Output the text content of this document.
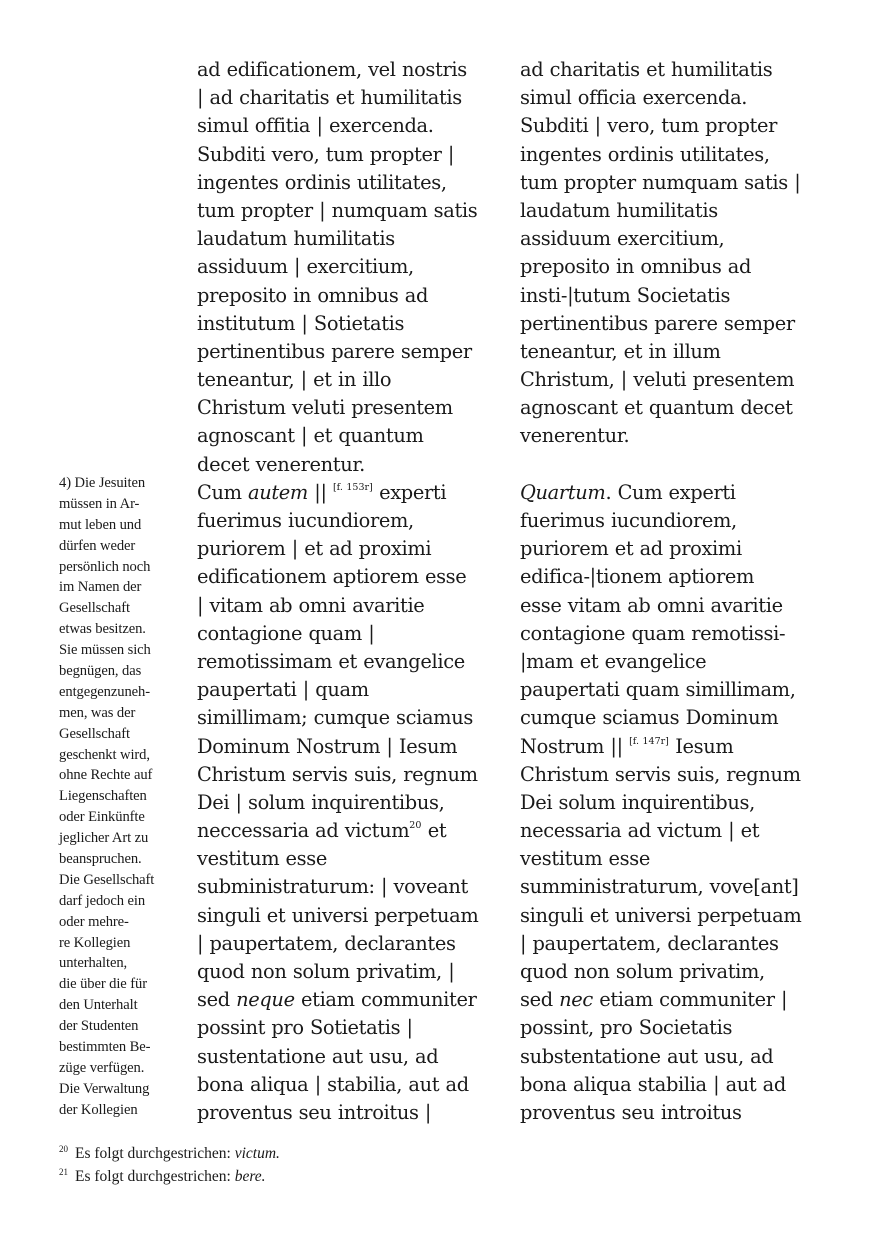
ad edificationem, vel nostris
| ad charitatis et humilitatis
simul offitia | exercenda.
Subditi vero, tum propter |
ingentes ordinis utilitates,
tum propter | numquam satis
laudatum humilitatis
assiduum | exercitium,
preposito in omnibus ad
institutum | Sotietatis
pertinentibus parere semper
teneantur, | et in illo
Christum veluti presentem
agnoscant | et quantum
decet venerentur.
Cum autem || [f. 153r] experti
fuerimus iucundiorem,
puriorem | et ad proximi
edificationem aptiorem esse
| vitam ab omni avaritie
contagione quam |
remotissimam et evangelice
paupertati | quam
simillimam; cumque sciamus
Dominum Nostrum | Iesum
Christum servis suis, regnum
Dei | solum inquirentibus,
neccessaria ad victum$^{20}$ et
vestitum esse
subministraturum: | voveant
singuli et universi perpetuam
| paupertatem, declarantes
quod non solum privatim, |
sed neque etiam communiter
possint pro Sotietatis |
sustentatione aut usu, ad
bona aliqua | stabilia, aut ad
proventus seu introitus |
ad charitatis et humilitatis
simul officia exercenda.
Subditi | vero, tum propter
ingentes ordinis utilitates,
tum propter numquam satis |
laudatum humilitatis
assiduum exercitium,
preposito in omnibus ad
insti-|tutum Societatis
pertinentibus parere semper
teneantur, et in illum
Christum, | veluti presentem
agnoscant et quantum decet
venerentur.
Quartum. Cum experti
fuerimus iucundiorem,
puriorem et ad proximi
edifica-|tionem aptiorem
esse vitam ab omni avaritie
contagione quam remotissi-
|mam et evangelice
paupertati quam simillimam,
cumque sciamus Dominum
Nostrum || [f. 147r] Iesum
Christum servis suis, regnum
Dei solum inquirentibus,
necessaria ad victum | et
vestitum esse
sumministraturum, vove[ant]
singuli et universi perpetuam
| paupertatem, declarantes
quod non solum privatim,
sed nec etiam communiter |
possint, pro Societatis
substentatione aut usu, ad
bona aliqua stabilia | aut ad
proventus seu introitus
4) Die Jesuiten
müssen in Ar-
mut leben und
dürfen weder
persönlich noch
im Namen der
Gesellschaft
etwas besitzen.
Sie müssen sich
begnügen, das
entgegenzuneh-
men, was der
Gesellschaft
geschenkt wird,
ohne Rechte auf
Liegenschaften
oder Einkünfte
jeglicher Art zu
beanspruchen.
Die Gesellschaft
darf jedoch ein
oder mehre-
re Kollegien
unterhalten,
die über die für
den Unterhalt
der Studenten
bestimmten Be-
züge verfügen.
Die Verwaltung
der Kollegien
$^{20}$ Es folgt durchgestrichen: victum.
$^{21}$ Es folgt durchgestrichen: bere.
